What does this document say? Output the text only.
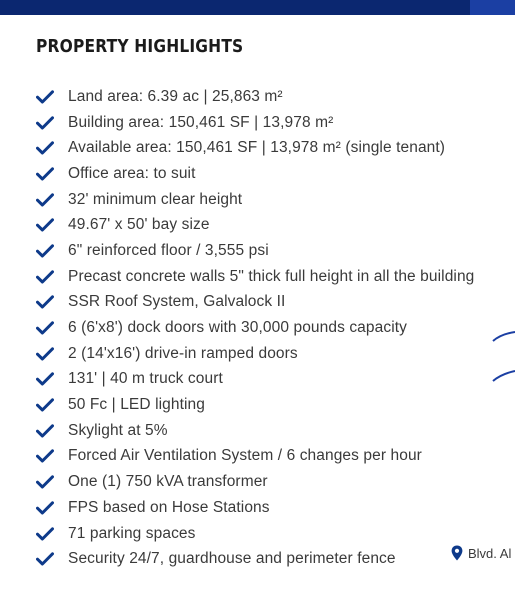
PROPERTY HIGHLIGHTS
Land area: 6.39 ac | 25,863 m²
Building area: 150,461 SF | 13,978 m²
Available area: 150,461 SF | 13,978 m² (single tenant)
Office area: to suit
32' minimum clear height
49.67' x 50' bay size
6" reinforced floor / 3,555 psi
Precast concrete walls 5" thick full height in all the building
SSR Roof System, Galvalock II
6 (6'x8') dock doors with 30,000 pounds capacity
2 (14'x16') drive-in ramped doors
131' | 40 m truck court
50 Fc | LED lighting
Skylight at 5%
Forced Air Ventilation System / 6 changes per hour
One (1) 750 kVA transformer
FPS based on Hose Stations
71 parking spaces
Security 24/7, guardhouse and perimeter fence	Blvd. Al
